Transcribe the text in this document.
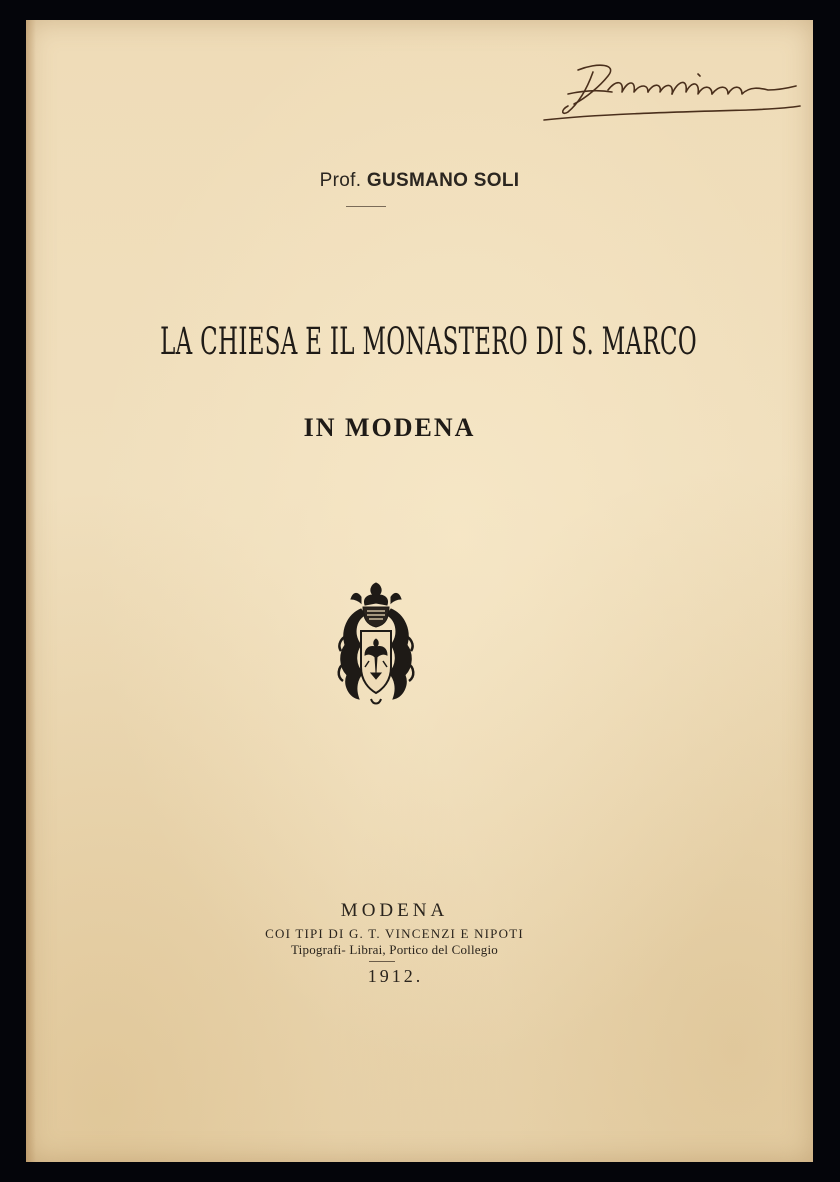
Prof. GUSMANO SOLI
LA CHIESA E IL MONASTERO DI S. MARCO
IN MODENA
MODENA
COI TIPI DI G. T. VINCENZI E NIPOTI
Tipografi- Librai, Portico del Collegio
1912.
